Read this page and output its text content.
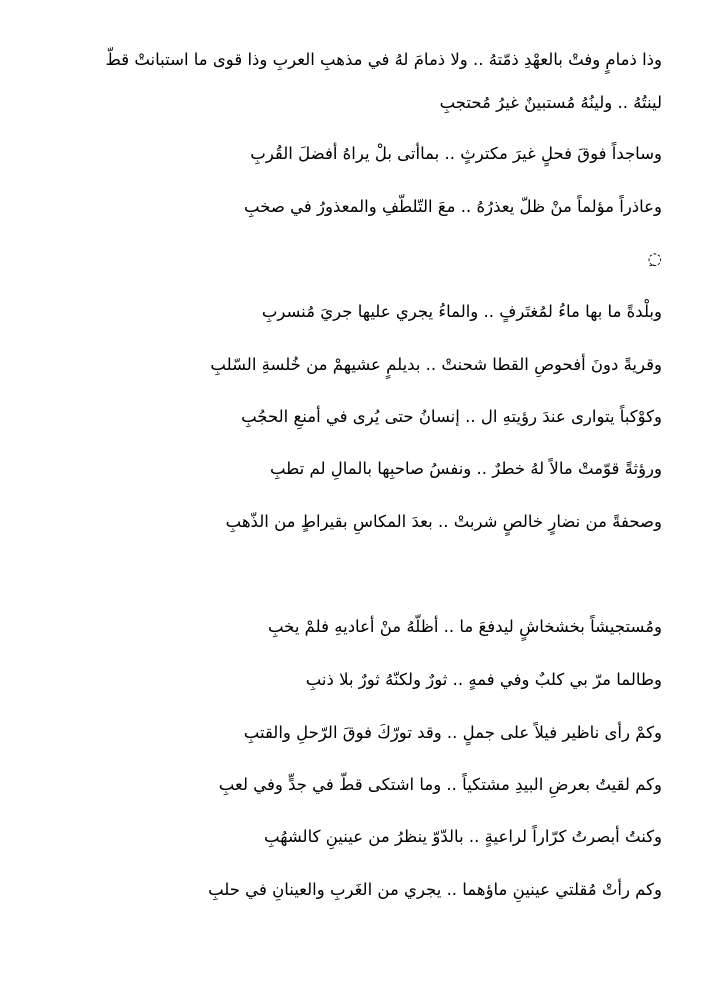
وذا ذمامٍ وفتْ بالعهْدِ ذمّتهُ .. ولا ذمامَ لهُ في مذهبِ العربِ وذا قوى ما استبانتْ قطّ
لينتُهُ .. ولينُهُ مُستبينٌ غيرُ مُحتجبِ
وساجداً فوقَ فحلٍ غيرَ مكترثٍ .. بماأتى بلْ يراهُ أفضلَ القُربِ
وعاذراً مؤلماً منْ ظلّ يعذرُهُ .. معَ التّلطّفِ والمعذورُ في صخبِ
◌ِ
وبلْدةً ما بها ماءُ لمُغتَرفٍ .. والماءُ يجري عليها جريَ مُنسربِ
وقريةً دونَ أفحوصِ القطا شحنتْ .. بديلمٍ عشيهمْ من خُلسةِ السّلبِ
وكوْكباً يتوارى عندَ رؤيتهِ ال .. إنسانُ حتى يُرى في أمنعِ الحجُبِ
ورؤثةً قوّمتْ مالاً لهُ خطرٌ .. ونفسُ صاحبِها بالمالِ لم تطبِ
وصحفةً من نضارٍ خالصٍ شربتْ .. بعدَ المكاسِ بقيراطٍ من الذّهبِ
ومُستجيشاً بخشخاشٍ ليدفعَ ما .. أظلّهُ منْ أعاديهِ فلمْ يخبِ
وطالما مرّ بي كلبٌ وفي فمهٍ .. ثورٌ ولكنّهُ ثورٌ بلا ذنبِ
وكمْ رأى ناظير فيلاً على جملٍ .. وقد تورّكَ فوقَ الرّحلِ والقتبِ
وكم لقيتُ بعرضِ البيدِ مشتكياً .. وما اشتكى قطّ في جدٍّ وفي لعبِ
وكنتُ أبصرتُ كرّاراً لراعيةٍ .. بالدّوّ ينظرُ من عينينِ كالشهُبِ
وكم رأتْ مُقلتي عينينِ ماؤهما .. يجري من الغَربِ والعينانِ في حلبِ
